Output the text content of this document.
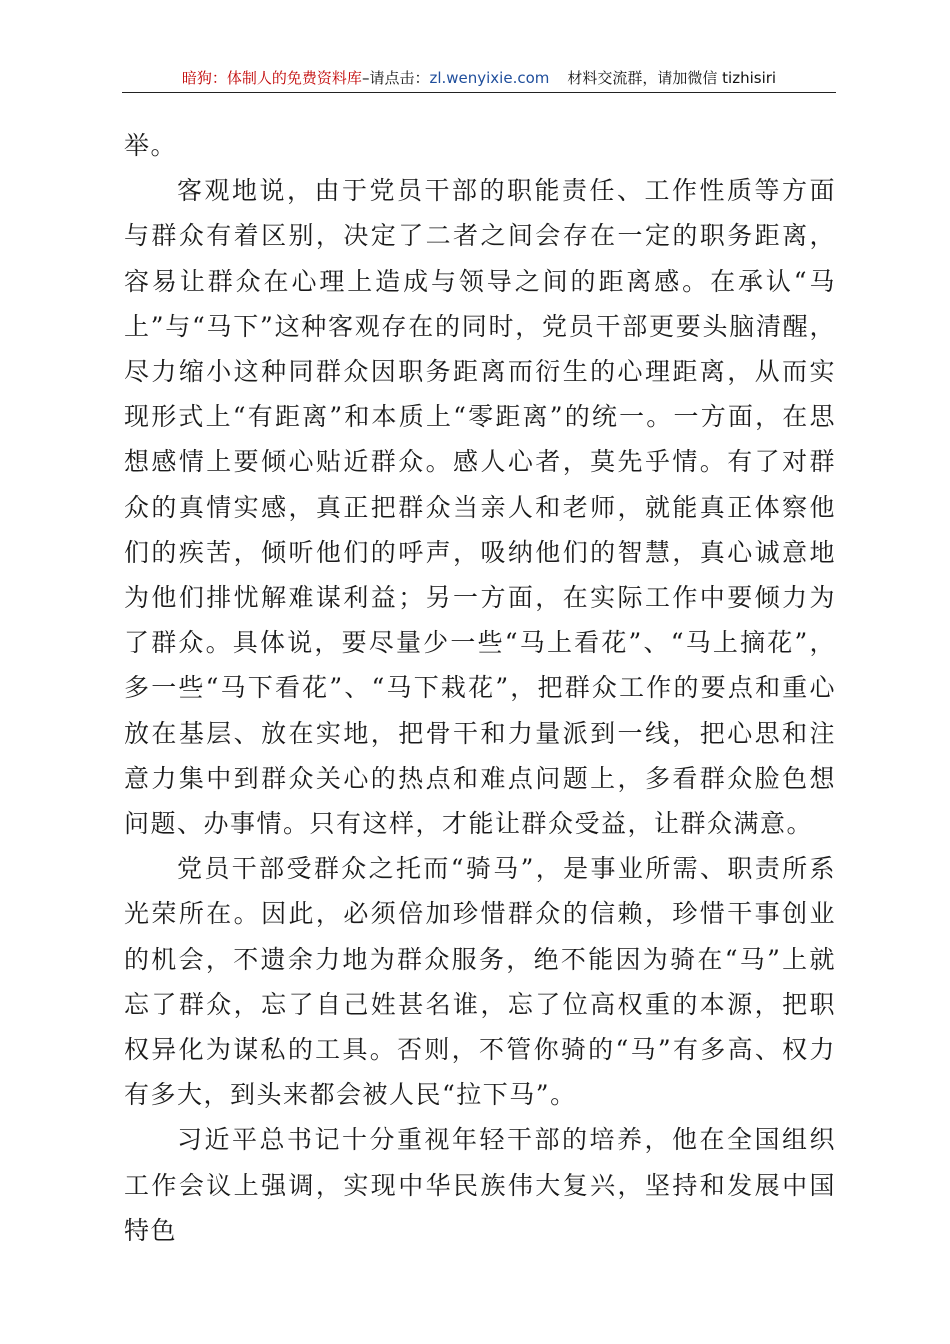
暗狗：体制人的免费资料库–请点击：zl.wenyixie.com 材料交流群，请加微信 tizhisiri

举。

客观地说，由于党员干部的职能责任、工作性质等方面与群众有着区别，决定了二者之间会存在一定的职务距离，容易让群众在心理上造成与领导之间的距离感。在承认“马上”与“马下”这种客观存在的同时，党员干部更要头脑清醒，尽力缩小这种同群众因职务距离而衍生的心理距离，从而实现形式上“有距离”和本质上“零距离”的统一。一方面，在思想感情上要倾心贴近群众。感人心者，莫先乎情。有了对群众的真情实感，真正把群众当亲人和老师，就能真正体察他们的疾苦，倾听他们的呼声，吸纳他们的智慧，真心诚意地为他们排忧解难谋利益；另一方面，在实际工作中要倾力为了群众。具体说，要尽量少一些“马上看花”、“马上摘花”，多一些“马下看花”、“马下栽花”，把群众工作的要点和重心放在基层、放在实地，把骨干和力量派到一线，把心思和注意力集中到群众关心的热点和难点问题上，多看群众脸色想问题、办事情。只有这样，才能让群众受益，让群众满意。

党员干部受群众之托而“骑马”，是事业所需、职责所系光荣所在。因此，必须倍加珍惜群众的信赖，珍惜干事创业的机会，不遗余力地为群众服务，绝不能因为骑在“马”上就忘了群众，忘了自己姓甚名谁，忘了位高权重的本源，把职权异化为谋私的工具。否则，不管你骑的“马”有多高、权力有多大，到头来都会被人民“拉下马”。

习近平总书记十分重视年轻干部的培养，他在全国组织工作会议上强调，实现中华民族伟大复兴，坚持和发展中国特色
